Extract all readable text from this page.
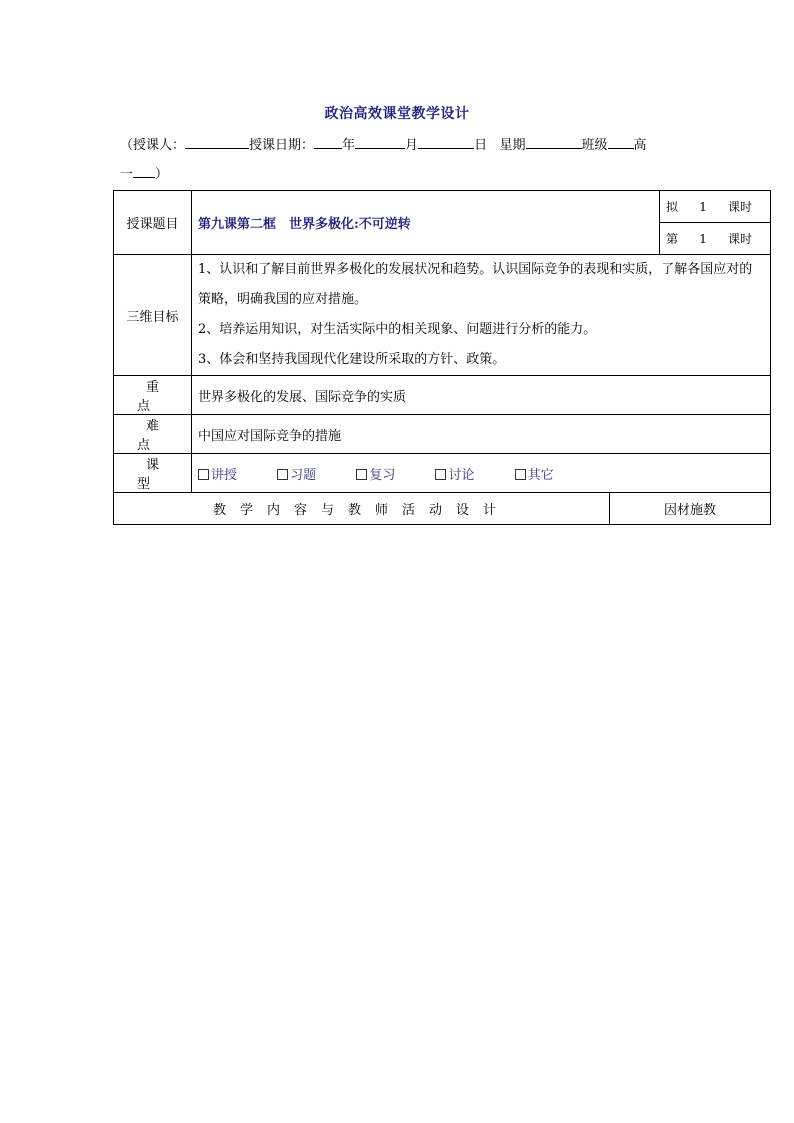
政治高效课堂教学设计
（授课人：	授课日期： 年	月	日 星期	班级 高
一 ）
授课题目	第九课第二框　世界多极化:不可逆转		拟 1 课时
			第 1 课时
三维目标	1、认识和了解目前世界多极化的发展状况和趋势。认识国际竞争的表现和实质，了解各国应对的策略，明确我国的应对措施。

2、培养运用知识，对生活实际中的相关现象、问题进行分析的能力。

3、体会和坚持我国现代化建设所采取的方针、政策。		

重点	世界多极化的发展、国际竞争的实质		
难点	中国应对国际竞争的措施		
课型	讲授 习题 复习 讨论 其它		
教学内容与教师活动设计		因材施教	
